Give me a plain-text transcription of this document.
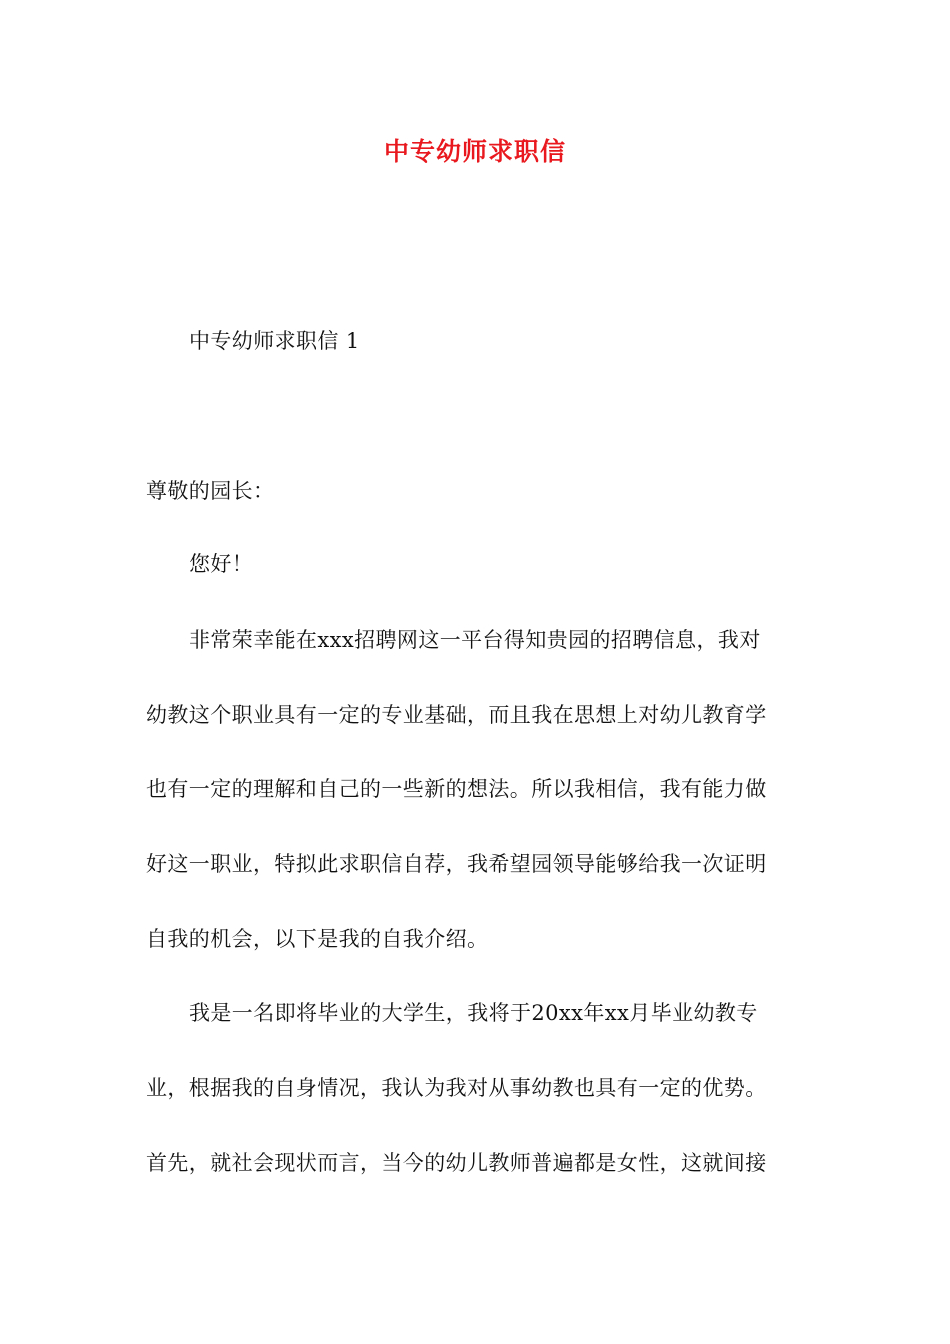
中专幼师求职信
中专幼师求职信 1
尊敬的园长：
您好！
非常荣幸能在xxx招聘网这一平台得知贵园的招聘信息，我对
幼教这个职业具有一定的专业基础，而且我在思想上对幼儿教育学
也有一定的理解和自己的一些新的想法。所以我相信，我有能力做
好这一职业，特拟此求职信自荐，我希望园领导能够给我一次证明
自我的机会，以下是我的自我介绍。
我是一名即将毕业的大学生，我将于20xx年xx月毕业幼教专
业，根据我的自身情况，我认为我对从事幼教也具有一定的优势。
首先，就社会现状而言，当今的幼儿教师普遍都是女性，这就间接
